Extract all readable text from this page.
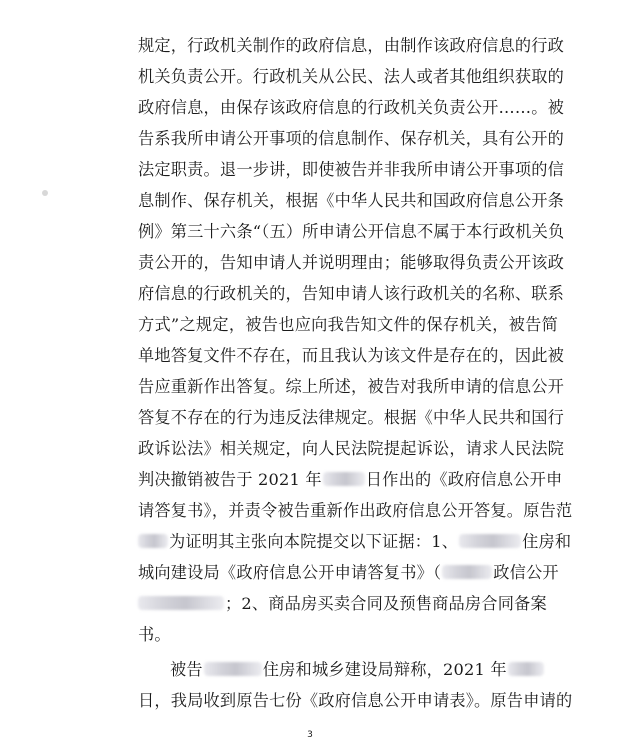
规定，行政机关制作的政府信息，由制作该政府信息的行政
机关负责公开。行政机关从公民、法人或者其他组织获取的
政府信息，由保存该政府信息的行政机关负责公开……。被
告系我所申请公开事项的信息制作、保存机关，具有公开的
法定职责。退一步讲，即使被告并非我所申请公开事项的信
息制作、保存机关，根据《中华人民共和国政府信息公开条
例》第三十六条“（五）所申请公开信息不属于本行政机关负
责公开的，告知申请人并说明理由；能够取得负责公开该政
府信息的行政机关的，告知申请人该行政机关的名称、联系
方式”之规定，被告也应向我告知文件的保存机关，被告简
单地答复文件不存在，而且我认为该文件是存在的，因此被
告应重新作出答复。综上所述，被告对我所申请的信息公开
答复不存在的行为违反法律规定。根据《中华人民共和国行
政诉讼法》相关规定，向人民法院提起诉讼，请求人民法院
判决撤销被告于 2021 年	日作出的《政府信息公开申
请答复书》，并责令被告重新作出政府信息公开答复。原告范
为证明其主张向本院提交以下证据：1、	住房和
城向建设局《政府信息公开申请答复书》（	政信公开
；2、商品房买卖合同及预售商品房合同备案
书。
被告	住房和城乡建设局辩称，2021 年
日，我局收到原告七份《政府信息公开申请表》。原告申请的
3
